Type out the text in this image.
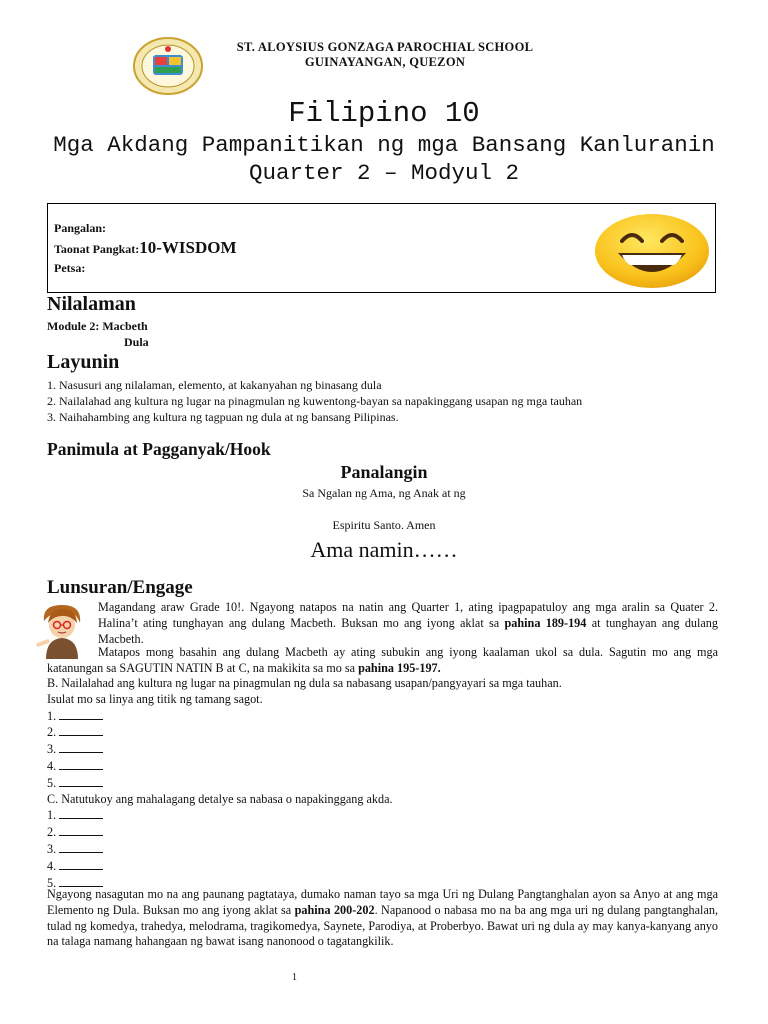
ST. ALOYSIUS GONZAGA PAROCHIAL SCHOOL
GUINAYANGAN, QUEZON
Filipino 10
Mga Akdang Pampanitikan ng mga Bansang Kanluranin
Quarter 2 – Modyul 2
Pangalan:
Taonat Pangkat:10-WISDOM
Petsa:
Nilalaman
Module 2: Macbeth
Dula
Layunin
1. Nasusuri ang nilalaman, elemento, at kakanyahan ng binasang dula
2. Nailalahad ang kultura ng lugar na pinagmulan ng kuwentong-bayan sa napakinggang usapan ng mga tauhan
3. Naihahambing ang kultura ng tagpuan ng dula at ng bansang Pilipinas.
Panimula at Pagganyak/Hook
Panalangin
Sa Ngalan ng Ama, ng Anak at ng
Espiritu Santo. Amen
Ama namin……
Lunsuran/Engage
Magandang araw Grade 10!. Ngayong natapos na natin ang Quarter 1, ating ipagpapatuloy ang mga aralin sa Quater 2. Halina’t ating tunghayan ang dulang Macbeth. Buksan mo ang iyong aklat sa pahina 189-194 at tunghayan ang dulang Macbeth.
Matapos mong basahin ang dulang Macbeth ay ating subukin ang iyong kaalaman ukol sa dula. Sagutin mo ang mga katanungan sa SAGUTIN NATIN B at C, na makikita sa mo sa pahina 195-197.
B. Nailalahad ang kultura ng lugar na pinagmulan ng dula sa nabasang usapan/pangyayari sa mga tauhan.
Isulat mo sa linya ang titik ng tamang sagot.
1.
2.
3.
4.
5.
C. Natutukoy ang mahalagang detalye sa nabasa o napakinggang akda.
1.
2.
3.
4.
5.
Ngayong nasagutan mo na ang paunang pagtataya, dumako naman tayo sa mga Uri ng Dulang Pangtanghalan ayon sa Anyo at ang mga Elemento ng Dula. Buksan mo ang iyong aklat sa pahina 200-202. Napanood o nabasa mo na ba ang mga uri ng dulang pangtanghalan, tulad ng komedya, trahedya, melodrama, tragikomedya, Saynete, Parodiya, at Proberbyo. Bawat uri ng dula ay may kanya-kanyang anyo na talaga namang hahangaan ng bawat isang nanonood o tagatangkilik.
1
